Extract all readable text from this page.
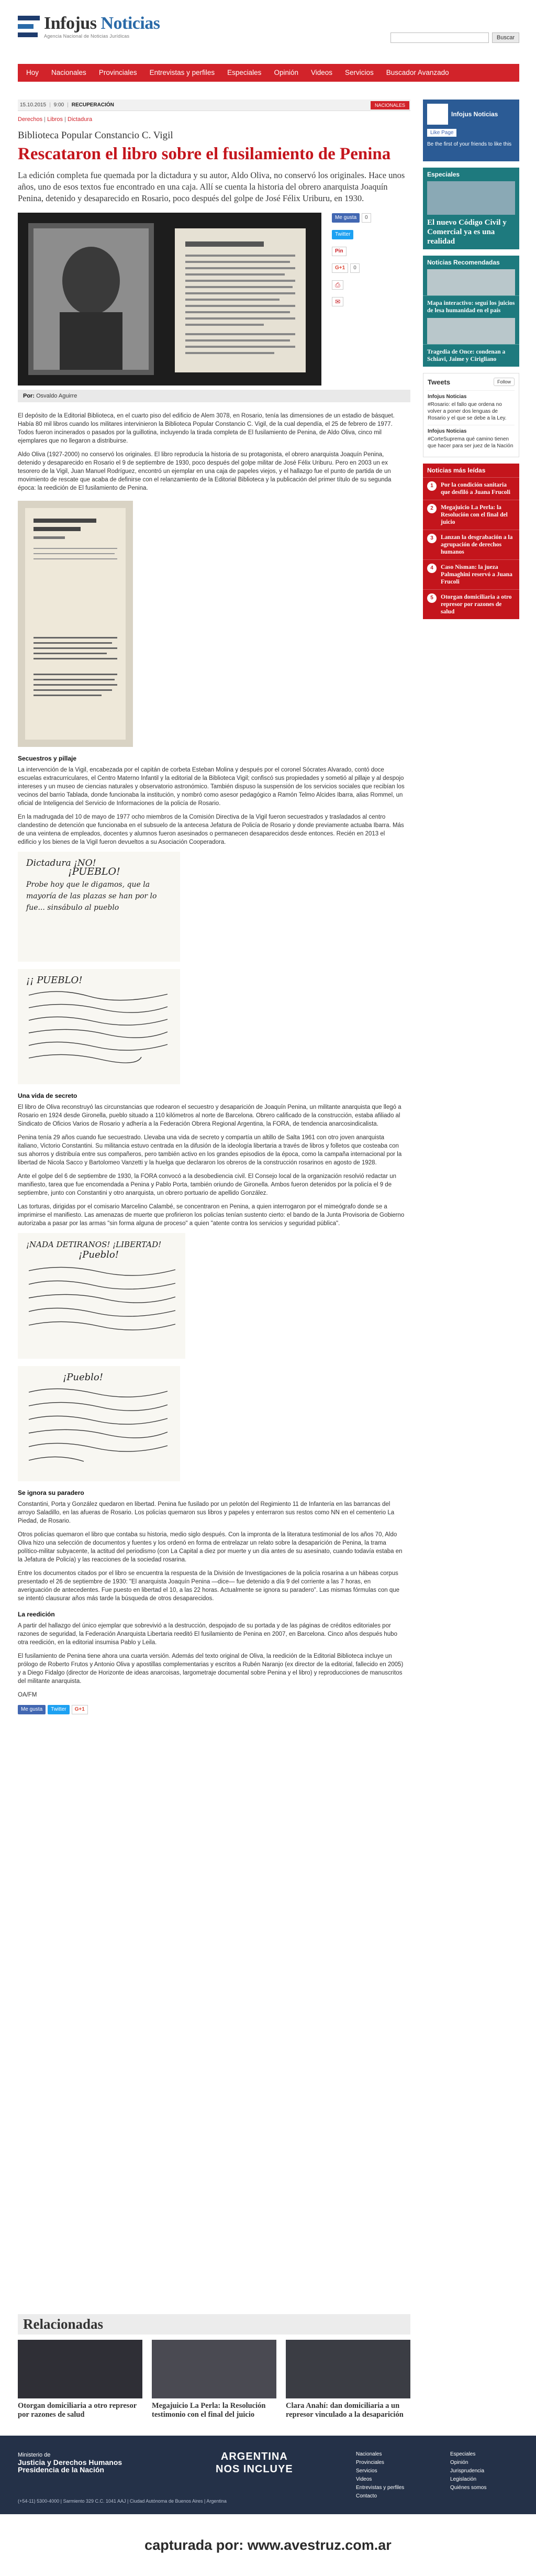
Infojus Noticias
Agencia Nacional de Noticias Jurídicas	Buscar
Hoy	Nacionales	Provinciales	Entrevistas y perfiles	Especiales	Opinión	Videos	Servicios	Buscador Avanzado
15.10.2015 | 9:00 | RECUPERACIÓN	NACIONALES
Derechos | Libros | Dictadura
Biblioteca Popular Constancio C. Vigil
Rescataron el libro sobre el fusilamiento de Penina

La edición completa fue quemada por la dictadura y su autor, Aldo Oliva, no conservó los originales. Hace unos años, uno de esos textos fue encontrado en una caja. Allí se cuenta la historia del obrero anarquista Joaquín Penina, detenido y desaparecido en Rosario, poco después del golpe de José Félix Uriburu, en 1930.

Me gusta	0
Twitter
Pin
G+1	0
⎙
✉
Por: Osvaldo Aguirre

El depósito de la Editorial Biblioteca, en el cuarto piso del edificio de Alem 3078, en Rosario, tenía las dimensiones de un estadio de básquet. Había 80 mil libros cuando los militares intervinieron la Biblioteca Popular Constancio C. Vigil, de la cual dependía, el 25 de febrero de 1977. Todos fueron incinerados o pasados por la guillotina, incluyendo la tirada completa de El fusilamiento de Penina, de Aldo Oliva, cinco mil ejemplares que no llegaron a distribuirse.

Aldo Oliva (1927-2000) no conservó los originales. El libro reproducía la historia de su protagonista, el obrero anarquista Joaquín Penina, detenido y desaparecido en Rosario el 9 de septiembre de 1930, poco después del golpe militar de José Félix Uriburu. Pero en 2003 un ex tesorero de la Vigil, Juan Manuel Rodríguez, encontró un ejemplar en una caja de papeles viejos, y el hallazgo fue el punto de partida de un movimiento de rescate que acaba de definirse con el relanzamiento de la Editorial Biblioteca y la publicación del primer título de su segunda época: la reedición de El fusilamiento de Penina.

Secuestros y pillaje

La intervención de la Vigil, encabezada por el capitán de corbeta Esteban Molina y después por el coronel Sócrates Alvarado, contó doce escuelas extracurriculares, el Centro Materno Infantil y la editorial de la Biblioteca Vigil; confiscó sus propiedades y sometió al pillaje y al despojo intereses y un museo de ciencias naturales y observatorio astronómico. También dispuso la suspensión de los servicios sociales que recibían los vecinos del barrio Tablada, donde funcionaba la institución, y nombró como asesor pedagógico a Ramón Telmo Alcides Ibarra, alias Rommel, un oficial de Inteligencia del Servicio de Informaciones de la policía de Rosario.

En la madrugada del 10 de mayo de 1977 ocho miembros de la Comisión Directiva de la Vigil fueron secuestrados y trasladados al centro clandestino de detención que funcionaba en el subsuelo de la antecesa Jefatura de Policía de Rosario y donde previamente actuaba Ibarra. Más de una veintena de empleados, docentes y alumnos fueron asesinados o permanecen desaparecidos desde entonces. Recién en 2013 el edificio y los bienes de la Vigil fueron devueltos a su Asociación Cooperadora.

Dictadura ¡NO!
¡PUEBLO!
Probe hoy que le digamos, que la mayoría de las plazas se han por lo fue... sinsábulo al pueblo
¡¡ PUEBLO!
Una vida de secreto

El libro de Oliva reconstruyó las circunstancias que rodearon el secuestro y desaparición de Joaquín Penina, un militante anarquista que llegó a Rosario en 1924 desde Gironella, pueblo situado a 110 kilómetros al norte de Barcelona. Obrero calificado de la construcción, estaba afiliado al Sindicato de Oficios Varios de Rosario y adhería a la Federación Obrera Regional Argentina, la FORA, de tendencia anarcosindicalista.

Penina tenía 29 años cuando fue secuestrado. Llevaba una vida de secreto y compartía un altillo de Salta 1961 con otro joven anarquista italiano, Victorio Constantini. Su militancia estuvo centrada en la difusión de la ideología libertaria a través de libros y folletos que costeaba con sus ahorros y distribuía entre sus compañeros, pero también activo en los grandes episodios de la época, como la campaña internacional por la libertad de Nicola Sacco y Bartolomeo Vanzetti y la huelga que declararon los obreros de la construcción rosarinos en agosto de 1928.

Ante el golpe del 6 de septiembre de 1930, la FORA convocó a la desobediencia civil. El Consejo local de la organización resolvió redactar un manifiesto, tarea que fue encomendada a Penina y Pablo Porta, también oriundo de Gironella. Ambos fueron detenidos por la policía el 9 de septiembre, junto con Constantini y otro anarquista, un obrero portuario de apellido González.

Las torturas, dirigidas por el comisario Marcelino Calambé, se concentraron en Penina, a quien interrogaron por el mimeógrafo donde se a imprimirse el manifiesto. Las amenazas de muerte que profirieron los policías tenían sustento cierto: el bando de la Junta Provisoria de Gobierno autorizaba a pasar por las armas "sin forma alguna de proceso" a quien "atente contra los servicios y seguridad pública".

¡NADA DETIRANOS! ¡LIBERTAD!
¡Pueblo!
¡Pueblo!
Se ignora su paradero

Constantini, Porta y González quedaron en libertad. Penina fue fusilado por un pelotón del Regimiento 11 de Infantería en las barrancas del arroyo Saladillo, en las afueras de Rosario. Los policías quemaron sus libros y papeles y enterraron sus restos como NN en el cementerio La Piedad, de Rosario.

Otros policías quemaron el libro que contaba su historia, medio siglo después. Con la impronta de la literatura testimonial de los años 70, Aldo Oliva hizo una selección de documentos y fuentes y los ordenó en forma de entrelazar un relato sobre la desaparición de Penina, la trama político-militar subyacente, la actitud del periodismo (con La Capital a diez por muerte y un día antes de su asesinato, cuando todavía estaba en la Jefatura de Policía) y las reacciones de la sociedad rosarina.

Entre los documentos citados por el libro se encuentra la respuesta de la División de Investigaciones de la policía rosarina a un hábeas corpus presentado el 26 de septiembre de 1930: "El anarquista Joaquín Penina —dice— fue detenido a día 9 del corriente a las 7 horas, en averiguación de antecedentes. Fue puesto en libertad el 10, a las 22 horas. Actualmente se ignora su paradero". Las mismas fórmulas con que se intentó clausurar años más tarde la búsqueda de otros desaparecidos.

La reedición

A partir del hallazgo del único ejemplar que sobrevivió a la destrucción, despojado de su portada y de las páginas de créditos editoriales por razones de seguridad, la Federación Anarquista Libertaria reeditó El fusilamiento de Penina en 2007, en Barcelona. Cinco años después hubo otra reedición, en la editorial insumisa Pablo y Leila.

El fusilamiento de Penina tiene ahora una cuarta versión. Además del texto original de Oliva, la reedición de la Editorial Biblioteca incluye un prólogo de Roberto Frutos y Antonio Oliva y apostillas complementarias y escritos a Rubén Naranjo (ex director de la editorial, fallecido en 2005) y a Diego Fidalgo (director de Horizonte de ideas anarcoisas, largometraje documental sobre Penina y el libro) y reproducciones de manuscritos del militante anarquista.

OA/FM

Me gusta	Twitter	G+1
Infojus Noticias
Like Page
Be the first of your friends to like this
Especiales
El nuevo Código Civil y Comercial ya es una realidad
Noticias Recomendadas
Mapa interactivo: seguí los juicios de lesa humanidad en el país
Tragedia de Once: condenan a Schiavi, Jaime y Cirigliano
Tweets	Follow
Infojus Noticias
#Rosario: el fallo que ordena no volver a poner dos lenguas de Rosario y el que se debe a la Ley.
Infojus Noticias
#CorteSuprema qué camino tienen que hacer para ser juez de la Nación
Noticias más leídas
1	Por la condición sanitaria que desfiló a Juana Frucoli
2	Megajuicio La Perla: la Resolución con el final del juicio
3	Lanzan la desgrabación a la agrupación de derechos humanos
4	Caso Nisman: la jueza Palmaghini reservó a Juana Frucoli
5	Otorgan domiciliaria a otro represor por razones de salud
Relacionadas
Otorgan domiciliaria a otro represor por razones de salud
Megajuicio La Perla: la Resolución testimonio con el final del juicio
Clara Anahí: dan domiciliaria a un represor vinculado a la desaparición
Ministerio de
Justicia y Derechos Humanos
Presidencia de la Nación
ARGENTINA
NOS INCLUYE
Nacionales
Provinciales
Servicios
Videos
Entrevistas y perfiles
Contacto
Especiales
Opinión
Jurisprudencia
Legislación
Quiénes somos
(+54-11) 5300-4000 | Sarmiento 329 C.C. 1041 AAJ | Ciudad Autónoma de Buenos Aires | Argentina
capturada por: www.avestruz.com.ar
